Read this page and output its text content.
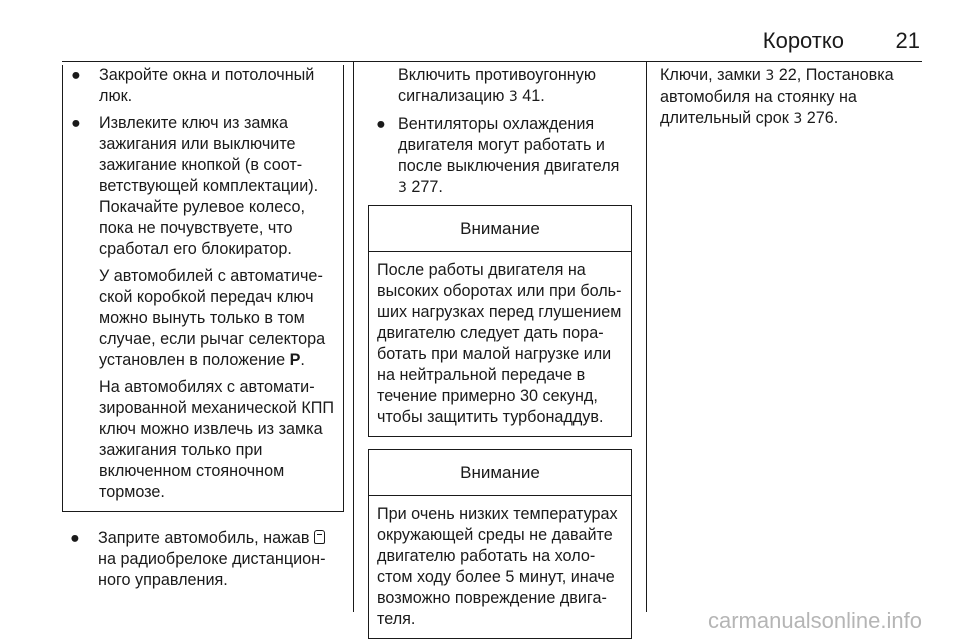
Коротко 21
● Закройте окна и потолочный люк.
● Извлеките ключ из замка зажигания или выключите зажигание кнопкой (в соответствующей комплектации). Покачайте рулевое колесо, пока не почувствуете, что сработал его блокиратор.
У автомобилей с автоматической коробкой передач ключ можно вынуть только в том случае, если рычаг селектора установлен в положение P.
На автомобилях с автоматизированной механической КПП ключ можно извлечь из замка зажигания только при включенном стояночном тормозе.
● Заприте автомобиль, нажав  на радиобрелоке дистанционного управления.
Включить противоугонную сигнализацию 3 41.
● Вентиляторы охлаждения двигателя могут работать и после выключения двигателя 3 277.
Внимание
После работы двигателя на высоких оборотах или при больших нагрузках перед глушением двигателю следует дать поработать при малой нагрузке или на нейтральной передаче в течение примерно 30 секунд, чтобы защитить турбонаддув.
Внимание
При очень низких температурах окружающей среды не давайте двигателю работать на холостом ходу более 5 минут, иначе возможно повреждение двигателя.
Ключи, замки 3 22, Постановка автомобиля на стоянку на длительный срок 3 276.
carmanualsonline.info
